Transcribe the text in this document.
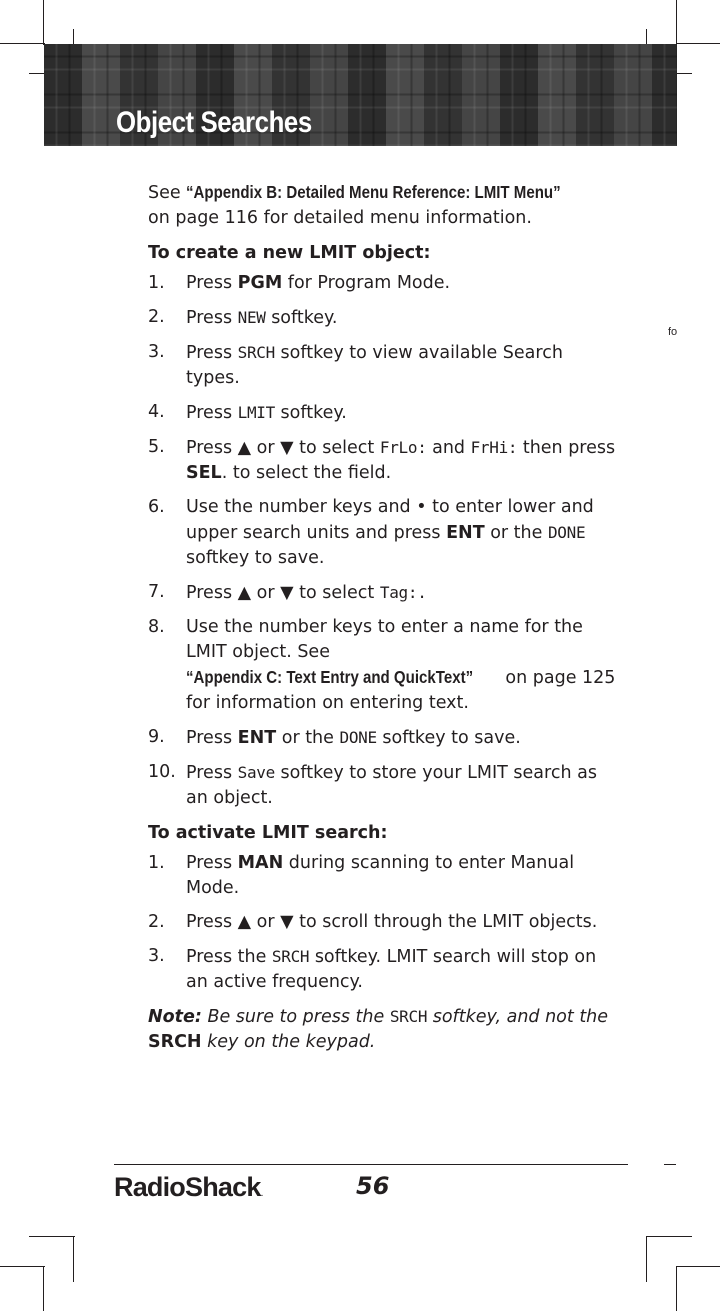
Object Searches
fo

See “Appendix B: Detailed Menu Reference: LMIT Menu” on page 116 for detailed menu information.

To create a new LMIT object:

1. Press PGM for Program Mode.
2. Press NEW softkey.
3. Press SRCH softkey to view available Search types.
4. Press LMIT softkey.
5. Press ▲ or ▼ to select FrLo: and FrHi: then press SEL. to select the field.
6. Use the number keys and • to enter lower and upper search units and press ENT or the DONE softkey to save.
7. Press ▲ or ▼ to select Tag:.
8. Use the number keys to enter a name for the LMIT object. See “Appendix C: Text Entry and QuickText” on page 125 for information on entering text.
9. Press ENT or the DONE softkey to save.
10. Press Save softkey to store your LMIT search as an object.

To activate LMIT search:

1. Press MAN during scanning to enter Manual Mode.
2. Press ▲ or ▼ to scroll through the LMIT objects.
3. Press the SRCH softkey. LMIT search will stop on an active frequency.

Note: Be sure to press the SRCH softkey, and not the SRCH key on the keypad.

RadioShack.	56
